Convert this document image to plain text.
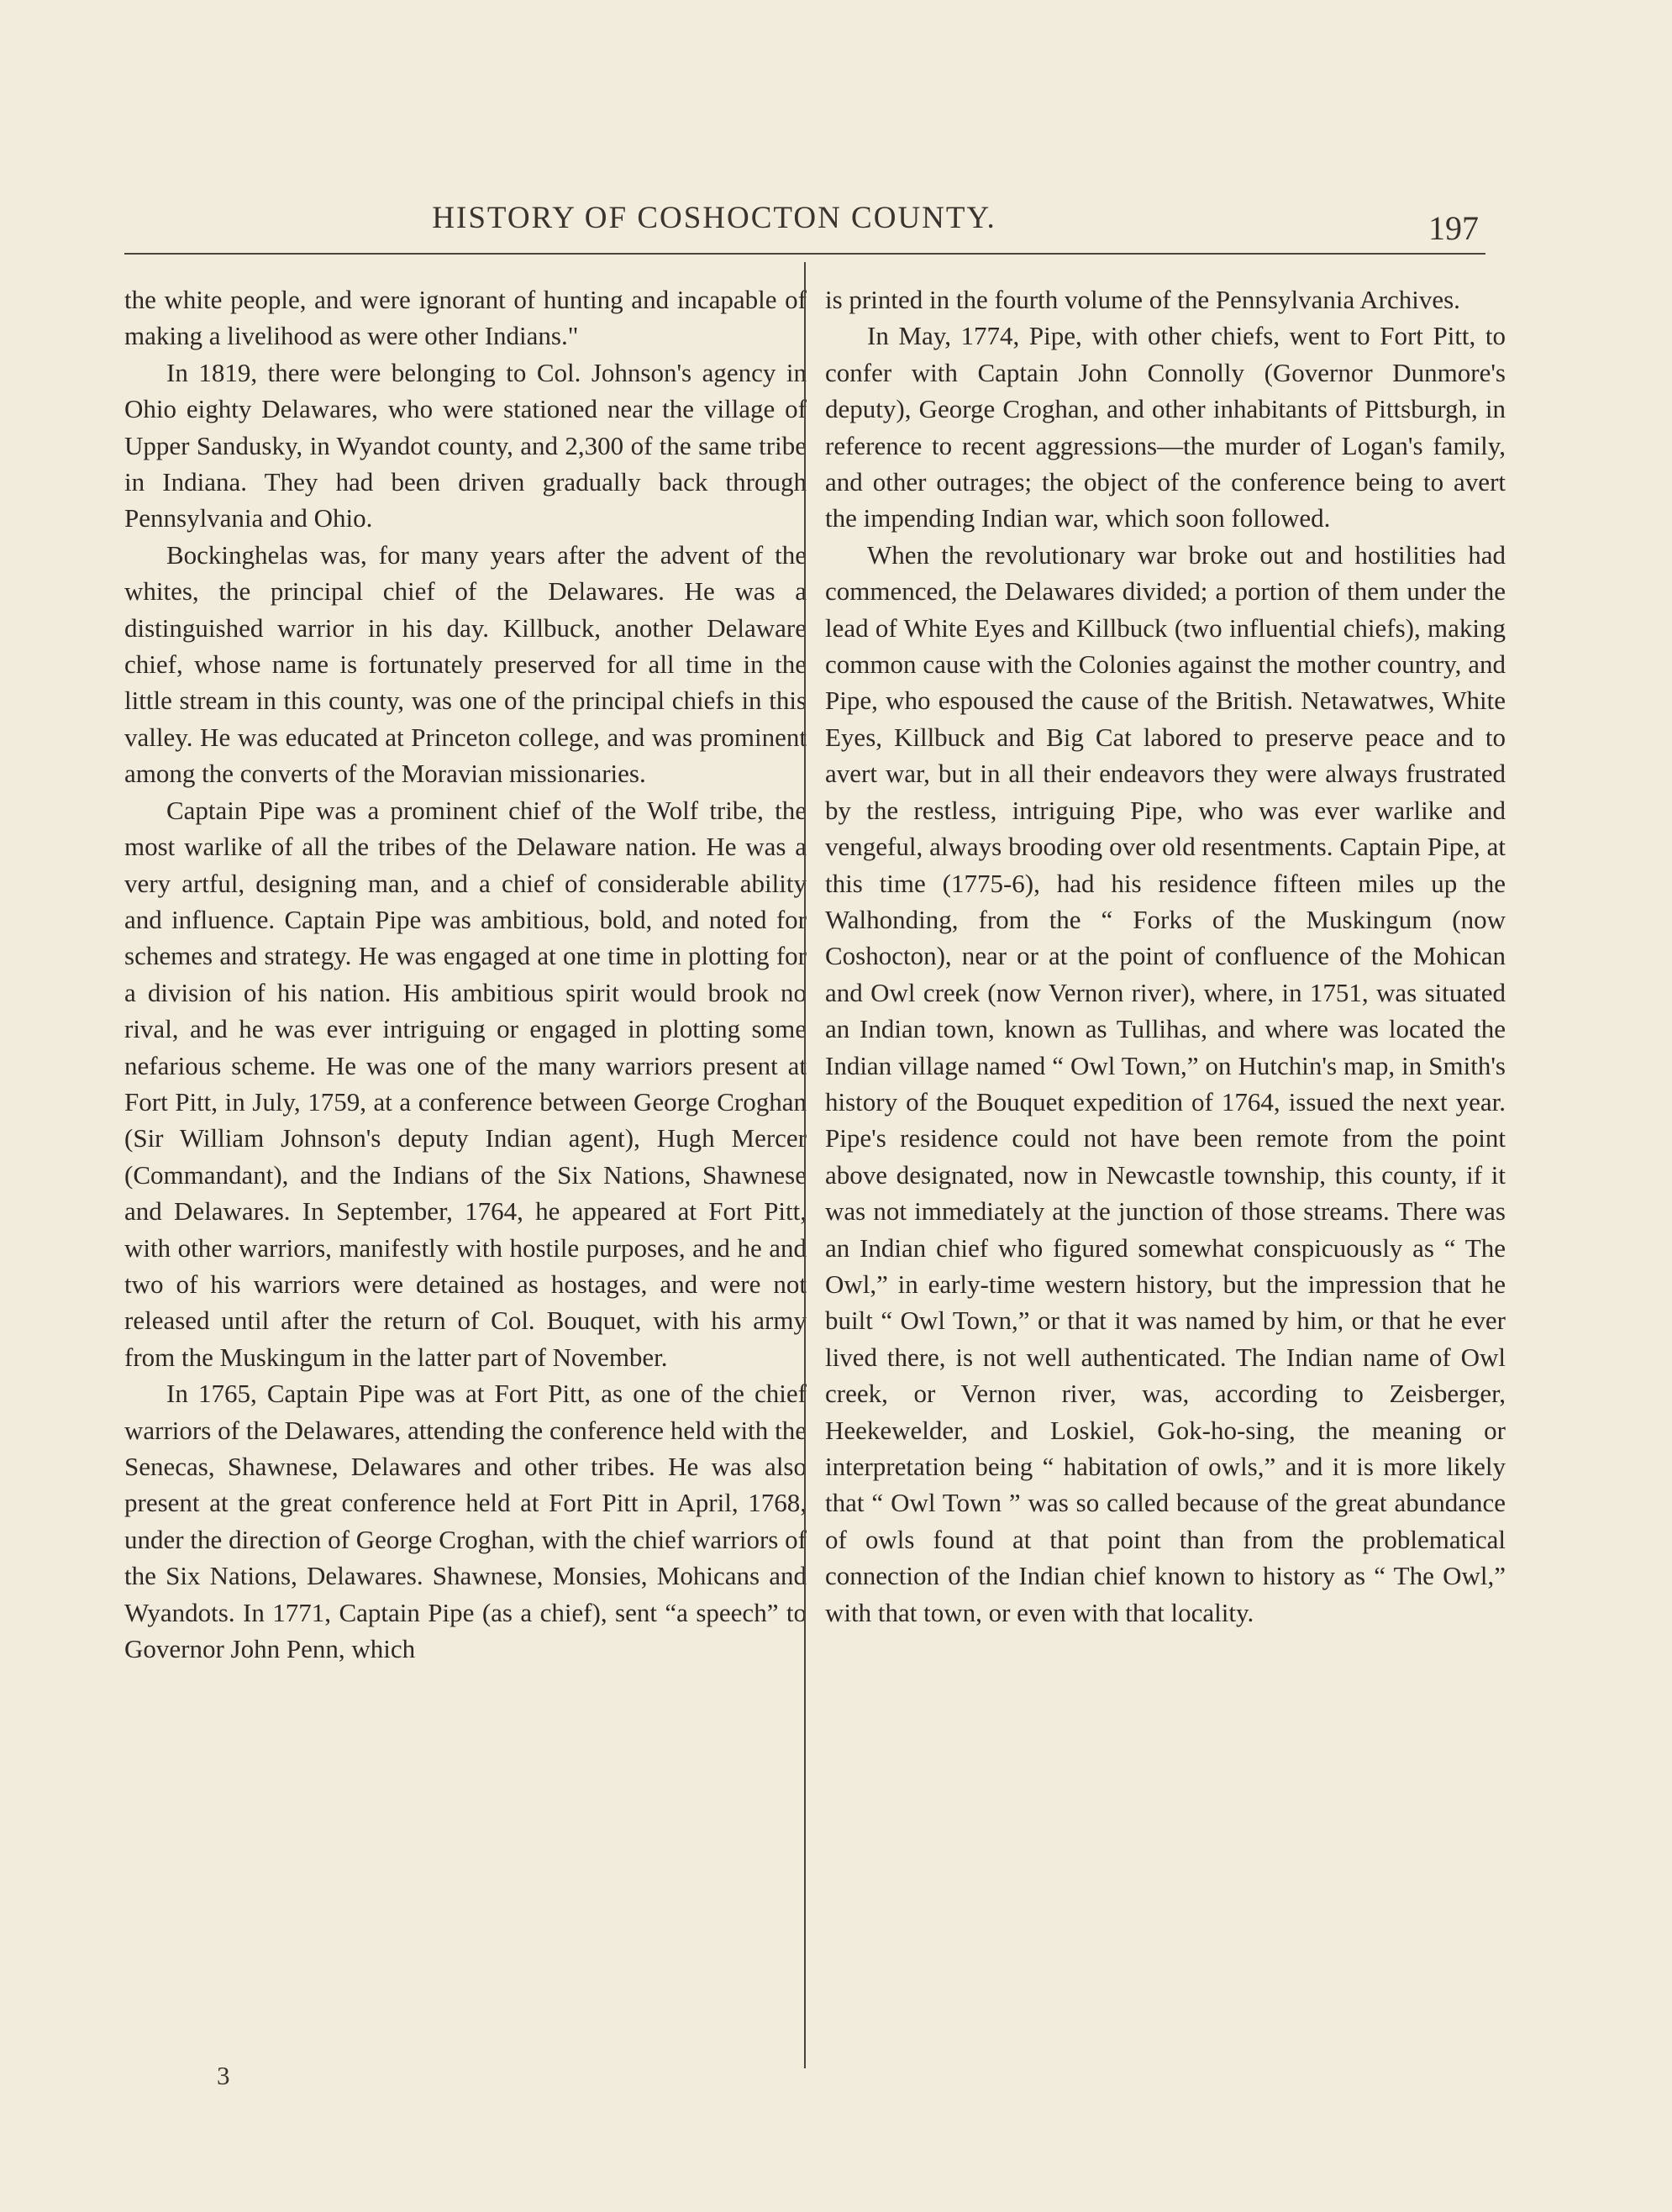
HISTORY OF COSHOCTON COUNTY.	197

the white people, and were ignorant of hunting and incapable of making a livelihood as were other Indians."

In 1819, there were belonging to Col. Johnson's agency in Ohio eighty Delawares, who were stationed near the village of Upper Sandusky, in Wyandot county, and 2,300 of the same tribe in Indiana. They had been driven gradually back through Pennsylvania and Ohio.

Bockinghelas was, for many years after the advent of the whites, the principal chief of the Delawares. He was a distinguished warrior in his day. Killbuck, another Delaware chief, whose name is fortunately preserved for all time in the little stream in this county, was one of the principal chiefs in this valley. He was educated at Princeton college, and was prominent among the converts of the Moravian missionaries.

Captain Pipe was a prominent chief of the Wolf tribe, the most warlike of all the tribes of the Delaware nation. He was a very artful, designing man, and a chief of considerable ability and influence. Captain Pipe was ambitious, bold, and noted for schemes and strategy. He was engaged at one time in plotting for a division of his nation. His ambitious spirit would brook no rival, and he was ever intriguing or engaged in plotting some nefarious scheme. He was one of the many warriors present at Fort Pitt, in July, 1759, at a conference between George Croghan (Sir William Johnson's deputy Indian agent), Hugh Mercer (Commandant), and the Indians of the Six Nations, Shawnese and Delawares. In September, 1764, he appeared at Fort Pitt, with other warriors, manifestly with hostile purposes, and he and two of his warriors were detained as hostages, and were not released until after the return of Col. Bouquet, with his army from the Muskingum in the latter part of November.

In 1765, Captain Pipe was at Fort Pitt, as one of the chief warriors of the Delawares, attending the conference held with the Senecas, Shawnese, Delawares and other tribes. He was also present at the great conference held at Fort Pitt in April, 1768, under the direction of George Croghan, with the chief warriors of the Six Nations, Delawares. Shawnese, Monsies, Mohicans and Wyandots. In 1771, Captain Pipe (as a chief), sent “a speech” to Governor John Penn, which

is printed in the fourth volume of the Pennsylvania Archives.

In May, 1774, Pipe, with other chiefs, went to Fort Pitt, to confer with Captain John Connolly (Governor Dunmore's deputy), George Croghan, and other inhabitants of Pittsburgh, in reference to recent aggressions—the murder of Logan's family, and other outrages; the object of the conference being to avert the impending Indian war, which soon followed.

When the revolutionary war broke out and hostilities had commenced, the Delawares divided; a portion of them under the lead of White Eyes and Killbuck (two influential chiefs), making common cause with the Colonies against the mother country, and Pipe, who espoused the cause of the British. Netawatwes, White Eyes, Killbuck and Big Cat labored to preserve peace and to avert war, but in all their endeavors they were always frustrated by the restless, intriguing Pipe, who was ever warlike and vengeful, always brooding over old resentments. Captain Pipe, at this time (1775-6), had his residence fifteen miles up the Walhonding, from the “ Forks of the Muskingum (now Coshocton), near or at the point of confluence of the Mohican and Owl creek (now Vernon river), where, in 1751, was situated an Indian town, known as Tullihas, and where was located the Indian village named “ Owl Town,” on Hutchin's map, in Smith's history of the Bouquet expedition of 1764, issued the next year. Pipe's residence could not have been remote from the point above designated, now in Newcastle township, this county, if it was not immediately at the junction of those streams. There was an Indian chief who figured somewhat conspicuously as “ The Owl,” in early-time western history, but the impression that he built “ Owl Town,” or that it was named by him, or that he ever lived there, is not well authenticated. The Indian name of Owl creek, or Vernon river, was, according to Zeisberger, Heekewelder, and Loskiel, Gok-ho-sing, the meaning or interpretation being “ habitation of owls,” and it is more likely that “ Owl Town ” was so called because of the great abundance of owls found at that point than from the problematical connection of the Indian chief known to history as “ The Owl,” with that town, or even with that locality.

3
